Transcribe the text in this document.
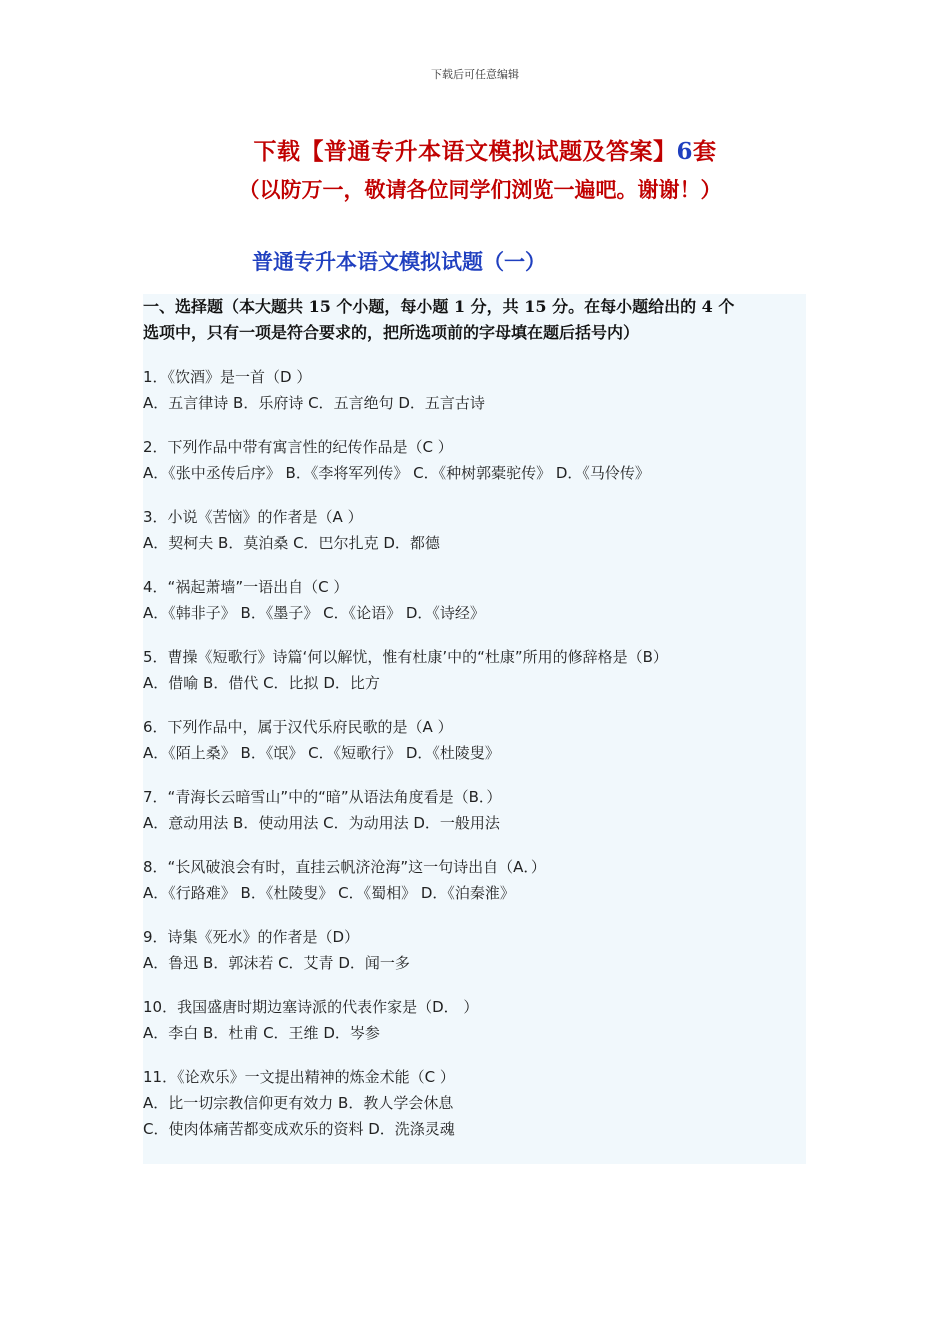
下载后可任意编辑
下载【普通专升本语文模拟试题及答案】6套
（以防万一，敬请各位同学们浏览一遍吧。谢谢！）
普通专升本语文模拟试题（一）
一、选择题（本大题共 15 个小题，每小题 1 分，共 15 分。在每小题给出的 4 个
选项中，只有一项是符合要求的，把所选项前的字母填在题后括号内）
1．《饮酒》是一首（D ）
A．五言律诗 B．乐府诗 C．五言绝句 D．五言古诗
2．下列作品中带有寓言性的纪传作品是（C ）
A．《张中丞传后序》 B．《李将军列传》 C．《种树郭橐驼传》 D．《马伶传》
3．小说《苦恼》的作者是（A ）
A．契柯夫 B．莫泊桑 C．巴尔扎克 D．都德
4．“祸起萧墙”一语出自（C ）
A．《韩非子》 B．《墨子》 C．《论语》 D．《诗经》
5．曹操《短歌行》诗篇‘何以解忧，惟有杜康’中的“杜康”所用的修辞格是（B）
A．借喻 B．借代 C．比拟 D．比方
6．下列作品中，属于汉代乐府民歌的是（A ）
A．《陌上桑》 B．《氓》 C．《短歌行》 D．《杜陵叟》
7．“青海长云暗雪山”中的“暗”从语法角度看是（B．）
A．意动用法 B．使动用法 C．为动用法 D．一般用法
8．“长风破浪会有时，直挂云帆济沧海”这一句诗出自（A．）
A．《行路难》 B．《杜陵叟》 C．《蜀相》 D．《泊秦淮》
9．诗集《死水》的作者是（D）
A．鲁迅 B．郭沫若 C．艾青 D．闻一多
10．我国盛唐时期边塞诗派的代表作家是（D． ）
A．李白 B．杜甫 C．王维 D．岑参
11．《论欢乐》一文提出精神的炼金术能（C ）
A．比一切宗教信仰更有效力 B．教人学会休息
C．使肉体痛苦都变成欢乐的资料 D．洗涤灵魂
